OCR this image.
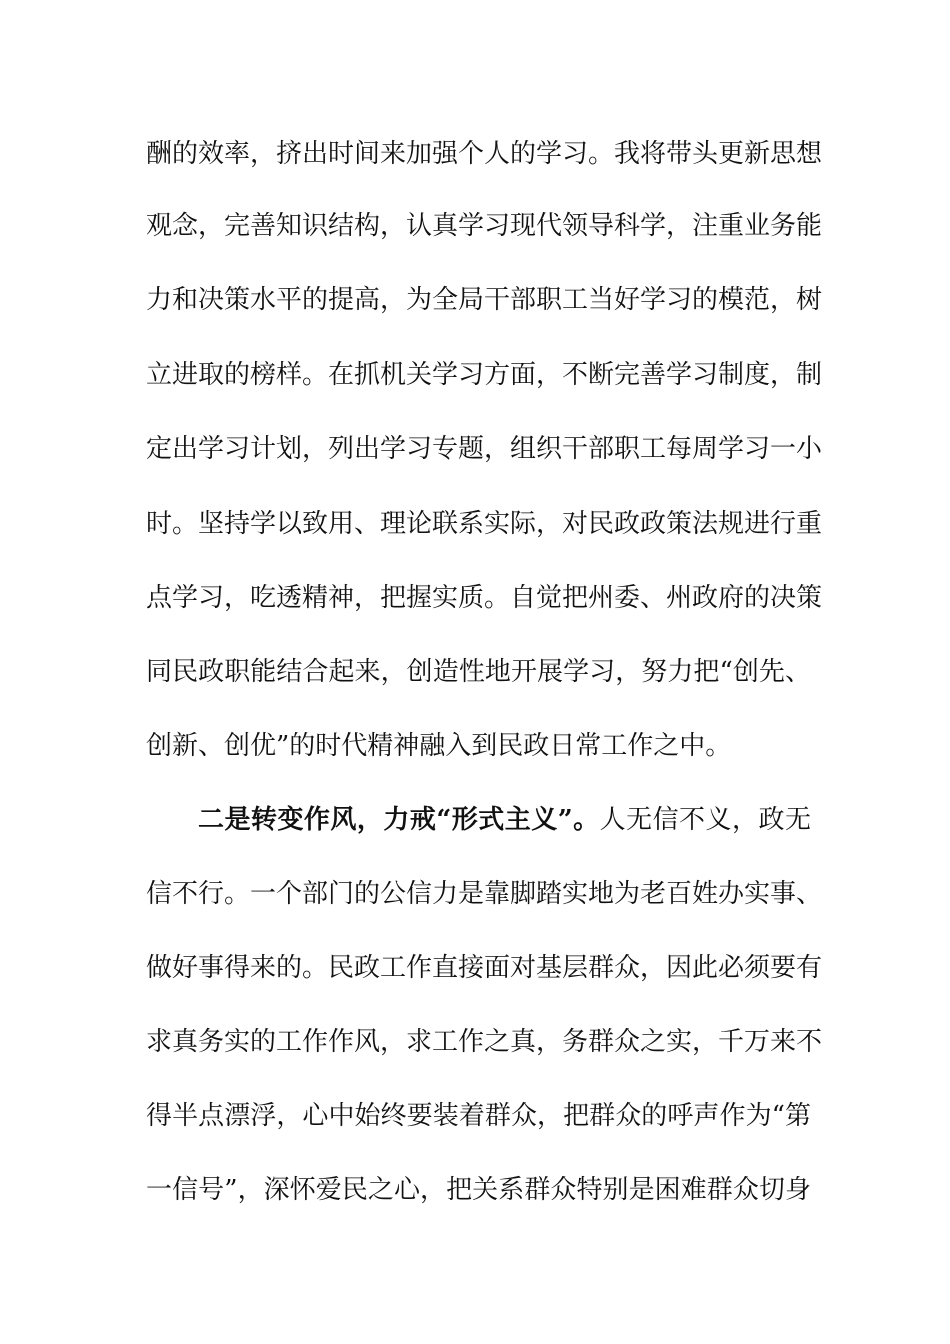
酬的效率，挤出时间来加强个人的学习。我将带头更新思想
观念，完善知识结构，认真学习现代领导科学，注重业务能
力和决策水平的提高，为全局干部职工当好学习的模范，树
立进取的榜样。在抓机关学习方面，不断完善学习制度，制
定出学习计划，列出学习专题，组织干部职工每周学习一小
时。坚持学以致用、理论联系实际，对民政政策法规进行重
点学习，吃透精神，把握实质。自觉把州委、州政府的决策
同民政职能结合起来，创造性地开展学习，努力把“创先、
创新、创优”的时代精神融入到民政日常工作之中。
二是转变作风，力戒“形式主义”。人无信不义，政无
信不行。一个部门的公信力是靠脚踏实地为老百姓办实事、
做好事得来的。民政工作直接面对基层群众，因此必须要有
求真务实的工作作风，求工作之真，务群众之实，千万来不
得半点漂浮，心中始终要装着群众，把群众的呼声作为“第
一信号”，深怀爱民之心，把关系群众特别是困难群众切身
